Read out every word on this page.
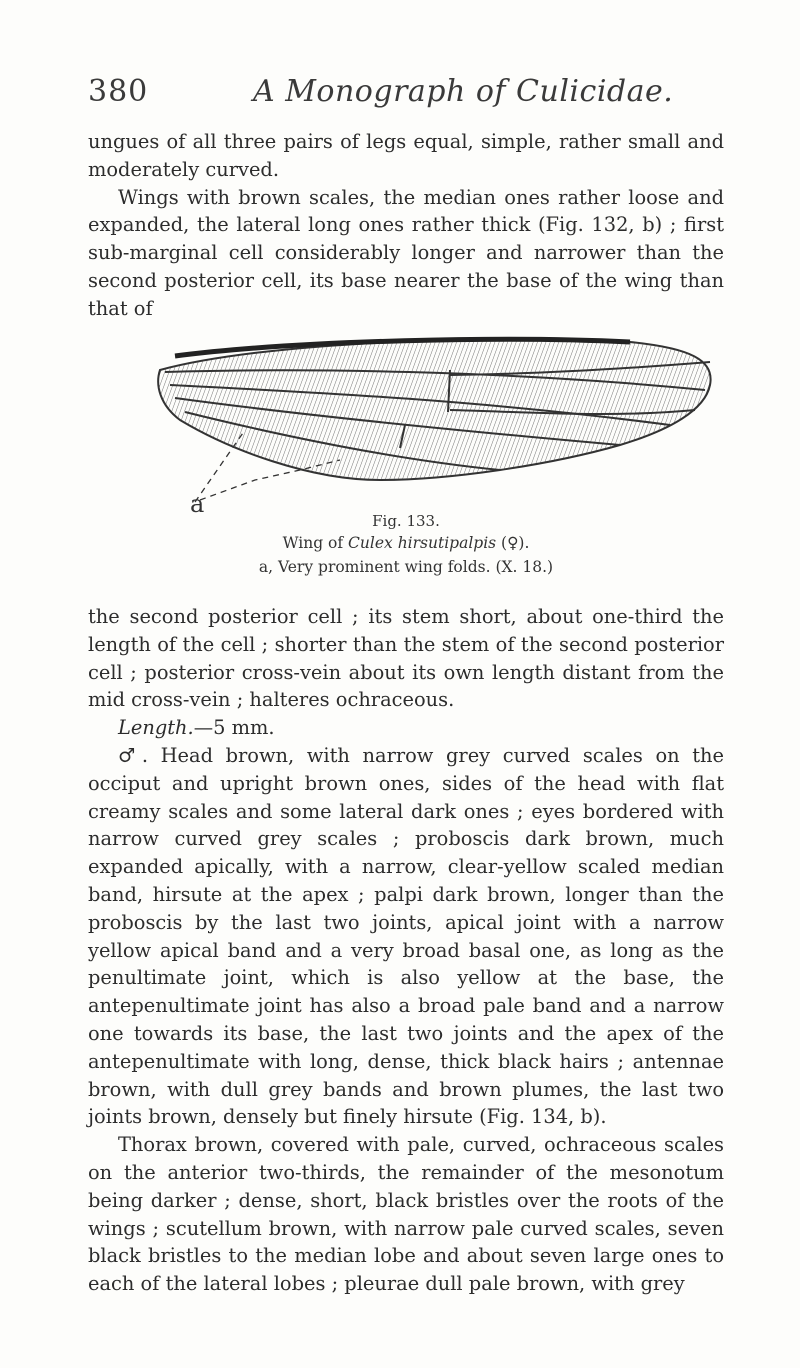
380	A Monograph of Culicidae.

ungues of all three pairs of legs equal, simple, rather small and moderately curved.

Wings with brown scales, the median ones rather loose and expanded, the lateral long ones rather thick (Fig. 132, b) ; first sub-marginal cell considerably longer and narrower than the second posterior cell, its base nearer the base of the wing than that of

a
Fig. 133.
Wing of Culex hirsutipalpis (♀).
a, Very prominent wing folds. (X. 18.)

the second posterior cell ; its stem short, about one-third the length of the cell ; shorter than the stem of the second posterior cell ; posterior cross-vein about its own length distant from the mid cross-vein ; halteres ochraceous.

Length.—5 mm.

♂. Head brown, with narrow grey curved scales on the occiput and upright brown ones, sides of the head with flat creamy scales and some lateral dark ones ; eyes bordered with narrow curved grey scales ; proboscis dark brown, much expanded apically, with a narrow, clear-yellow scaled median band, hirsute at the apex ; palpi dark brown, longer than the proboscis by the last two joints, apical joint with a narrow yellow apical band and a very broad basal one, as long as the penultimate joint, which is also yellow at the base, the antepenultimate joint has also a broad pale band and a narrow one towards its base, the last two joints and the apex of the antepenultimate with long, dense, thick black hairs ; antennae brown, with dull grey bands and brown plumes, the last two joints brown, densely but finely hirsute (Fig. 134, b).

Thorax brown, covered with pale, curved, ochraceous scales on the anterior two-thirds, the remainder of the mesonotum being darker ; dense, short, black bristles over the roots of the wings ; scutellum brown, with narrow pale curved scales, seven black bristles to the median lobe and about seven large ones to each of the lateral lobes ; pleurae dull pale brown, with grey
